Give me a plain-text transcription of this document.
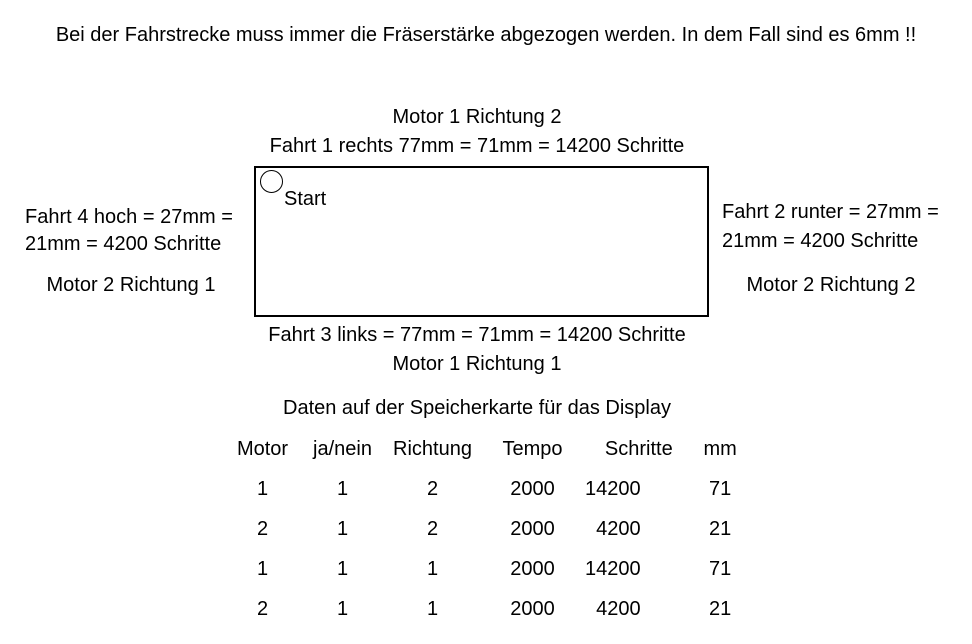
Bei der Fahrstrecke muss immer die Fräserstärke abgezogen werden. In dem Fall sind es 6mm !!
Motor 1 Richtung 2
Fahrt 1 rechts 77mm = 71mm = 14200 Schritte
Start
Fahrt 4 hoch = 27mm =
21mm = 4200 Schritte
Motor 2 Richtung 1
Fahrt 2 runter = 27mm =
21mm = 4200 Schritte
Motor 2 Richtung 2
Fahrt 3 links = 77mm = 71mm = 14200 Schritte
Motor 1 Richtung 1
Daten auf der Speicherkarte für das Display
Motor	ja/nein	Richtung	Tempo	Schritte	mm
1	1	2	2000	14200	71
2	1	2	2000	4200	21
1	1	1	2000	14200	71
2	1	1	2000	4200	21
